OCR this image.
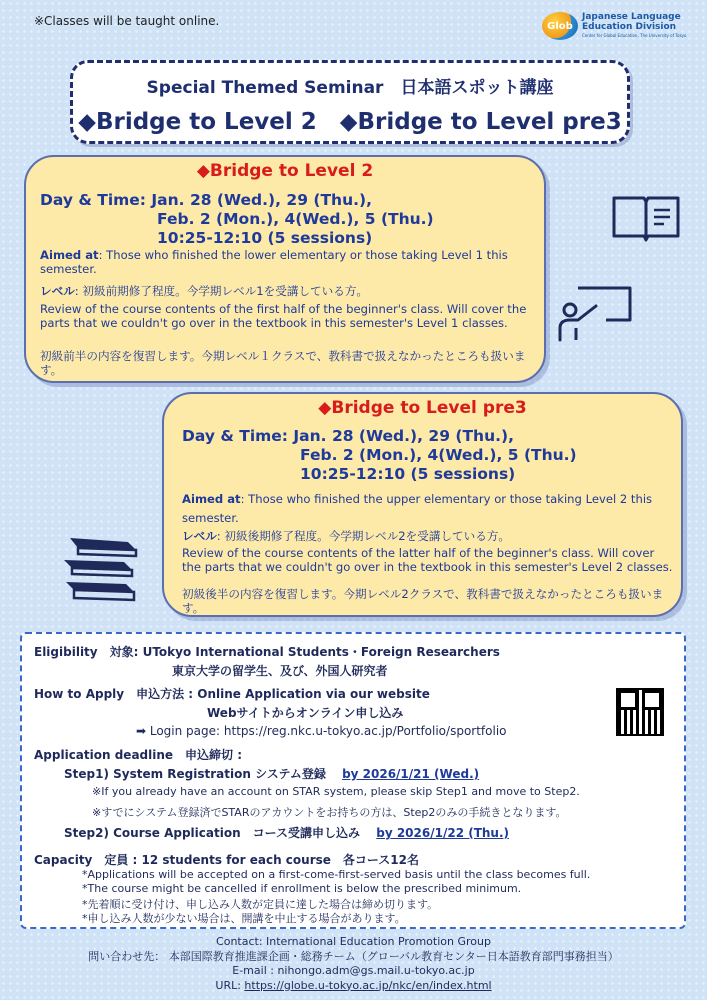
※Classes will be taught online.	Glob
Japanese Language
Education Division
Center for Global Education, The University of Tokyo
Special Themed Seminar　日本語スポット講座
◆Bridge to Level 2　◆Bridge to Level pre3
◆Bridge to Level 2
Day & Time: Jan. 28 (Wed.), 29 (Thu.),
Feb. 2 (Mon.), 4(Wed.), 5 (Thu.)
10:25-12:10 (5 sessions)
Aimed at: Those who finished the lower elementary or those taking Level 1 this semester.
レベル: 初級前期修了程度。今学期レベル1を受講している方。
Review of the course contents of the first half of the beginner's class. Will cover the parts that we couldn't go over in the textbook in this semester's Level 1 classes.
初級前半の内容を復習します。今期レベル１クラスで、教科書で扱えなかったところも扱います。
◆Bridge to Level pre3
Day & Time: Jan. 28 (Wed.), 29 (Thu.),
Feb. 2 (Mon.), 4(Wed.), 5 (Thu.)
10:25-12:10 (5 sessions)
Aimed at: Those who finished the upper elementary or those taking Level 2 this semester.
レベル: 初級後期修了程度。今学期レベル2を受講している方。
Review of the course contents of the latter half of the beginner's class. Will cover the parts that we couldn't go over in the textbook in this semester's Level 2 classes.
初級後半の内容を復習します。今期レベル2クラスで、教科書で扱えなかったところも扱います。
Eligibility　対象: UTokyo International Students・Foreign Researchers
東京大学の留学生、及び、外国人研究者
How to Apply　申込方法 : Online Application via our website
Webサイトからオンライン申し込み
➡ Login page: https://reg.nkc.u-tokyo.ac.jp/Portfolio/sportfolio
Application deadline　申込締切 :
Step1) System Registration システム登録　 by 2026/1/21 (Wed.)
※If you already have an account on STAR system, please skip Step1 and move to Step2.
※すでにシステム登録済でSTARのアカウントをお持ちの方は、Step2のみの手続きとなります。
Step2) Course Application　コース受講申し込み　 by 2026/1/22 (Thu.)
Capacity　定員 : 12 students for each course　各コース12名
*Applications will be accepted on a first-come-first-served basis until the class becomes full.
*The course might be cancelled if enrollment is below the prescribed minimum.
*先着順に受け付け、申し込み人数が定員に達した場合は締め切ります。
*申し込み人数が少ない場合は、開講を中止する場合があります。
Contact: International Education Promotion Group
問い合わせ先： 本部国際教育推進課企画・総務チーム（グローバル教育センター日本語教育部門事務担当）
E-mail : nihongo.adm@gs.mail.u-tokyo.ac.jp
URL: https://globe.u-tokyo.ac.jp/nkc/en/index.html
